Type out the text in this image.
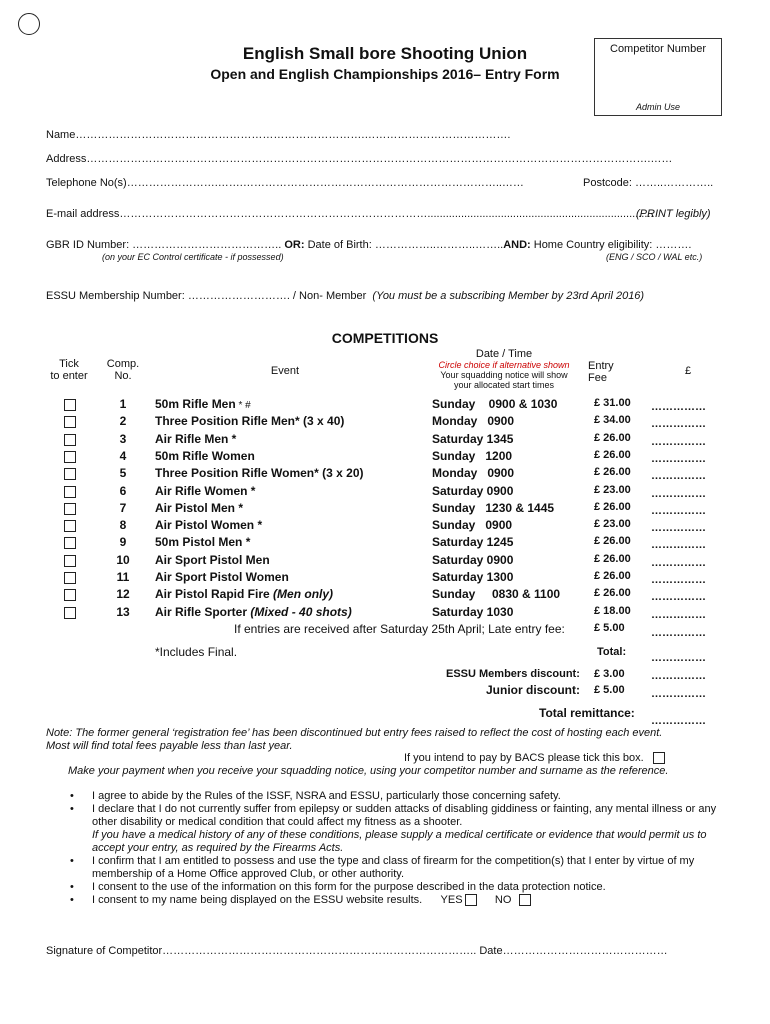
English Small bore Shooting Union
Open and English Championships 2016– Entry Form
Competitor Number
Admin Use
Name…………………………………………………………………….………………………………….
Address……………………………………………………………………………………………………………………………………….……
Telephone No(s)…………………….…….……………………………………………………………..……	Postcode: ……..…………..
E-mail address…………………………………………………………………………..........................................................................
(PRINT legibly)
GBR ID Number: ………………………………….. OR: Date of Birth: ……………..………..……..AND: Home Country eligibility: ……….
(on your EC Control certificate - if possessed)	(ENG / SCO / WAL etc.)
ESSU Membership Number: ………………………. / Non- Member (You must be a subscribing Member by 23rd April 2016)
COMPETITIONS
Tick
to enter
Comp.
No.	Event
Date / Time
Circle choice if alternative shown
Your squadding notice will show
your allocated start times
Entry
Fee
£
1	50m Rifle Men * #	Sunday    0900 & 1030	£ 31.00 ……………
2	Three Position Rifle Men* (3 x 40)	Monday   0900	£ 34.00 ……………
3	Air Rifle Men *	Saturday 1345	£ 26.00 ……………
4	50m Rifle Women	Sunday   1200	£ 26.00 ……………
5	Three Position Rifle Women* (3 x 20)	Monday   0900	£ 26.00 ……………
6	Air Rifle Women *	Saturday 0900	£ 23.00 ……………
7	Air Pistol Men *	Sunday   1230 & 1445	£ 26.00 ……………
8	Air Pistol Women *	Sunday   0900	£ 23.00 ……………
9	50m Pistol Men *	Saturday 1245	£ 26.00 ……………
10	Air Sport Pistol Men	Saturday 0900	£ 26.00 ……………
11	Air Sport Pistol Women	Saturday 1300	£ 26.00 ……………
12	Air Pistol Rapid Fire (Men only)	Sunday     0830 & 1100	£ 26.00 ……………
13	Air Rifle Sporter (Mixed - 40 shots)	Saturday 1030	£ 18.00 ……………
If entries are received after Saturday 25th April; Late entry fee:	£ 5.00 ……………
*Includes Final.	Total: ……………
ESSU Members discount: £ 3.00 ……………
Junior discount: £ 5.00 ……………
Total remittance:
……………
Note: The former general ‘registration fee’ has been discontinued but entry fees raised to reflect the cost of hosting each event.
Most will find total fees payable less than last year.
If you intend to pay by BACS please tick this box.
Make your payment when you receive your squadding notice, using your competitor number and surname as the reference.
• I agree to abide by the Rules of the ISSF, NSRA and ESSU, particularly those concerning safety.
• I declare that I do not currently suffer from epilepsy or sudden attacks of disabling giddiness or fainting, any mental illness or any other disability or medical condition that could affect my fitness as a shooter.
If you have a medical history of any of these conditions, please supply a medical certificate or evidence that would permit us to accept your entry, as required by the Firearms Acts.
• I confirm that I am entitled to possess and use the type and class of firearm for the competition(s) that I enter by virtue of my membership of a Home Office approved Club, or other authority.
• I consent to the use of the information on this form for the purpose described in the data protection notice.
• I consent to my name being displayed on the ESSU website results. YES	NO
Signature of Competitor………………………………………………………………………….. Date………………………………………
